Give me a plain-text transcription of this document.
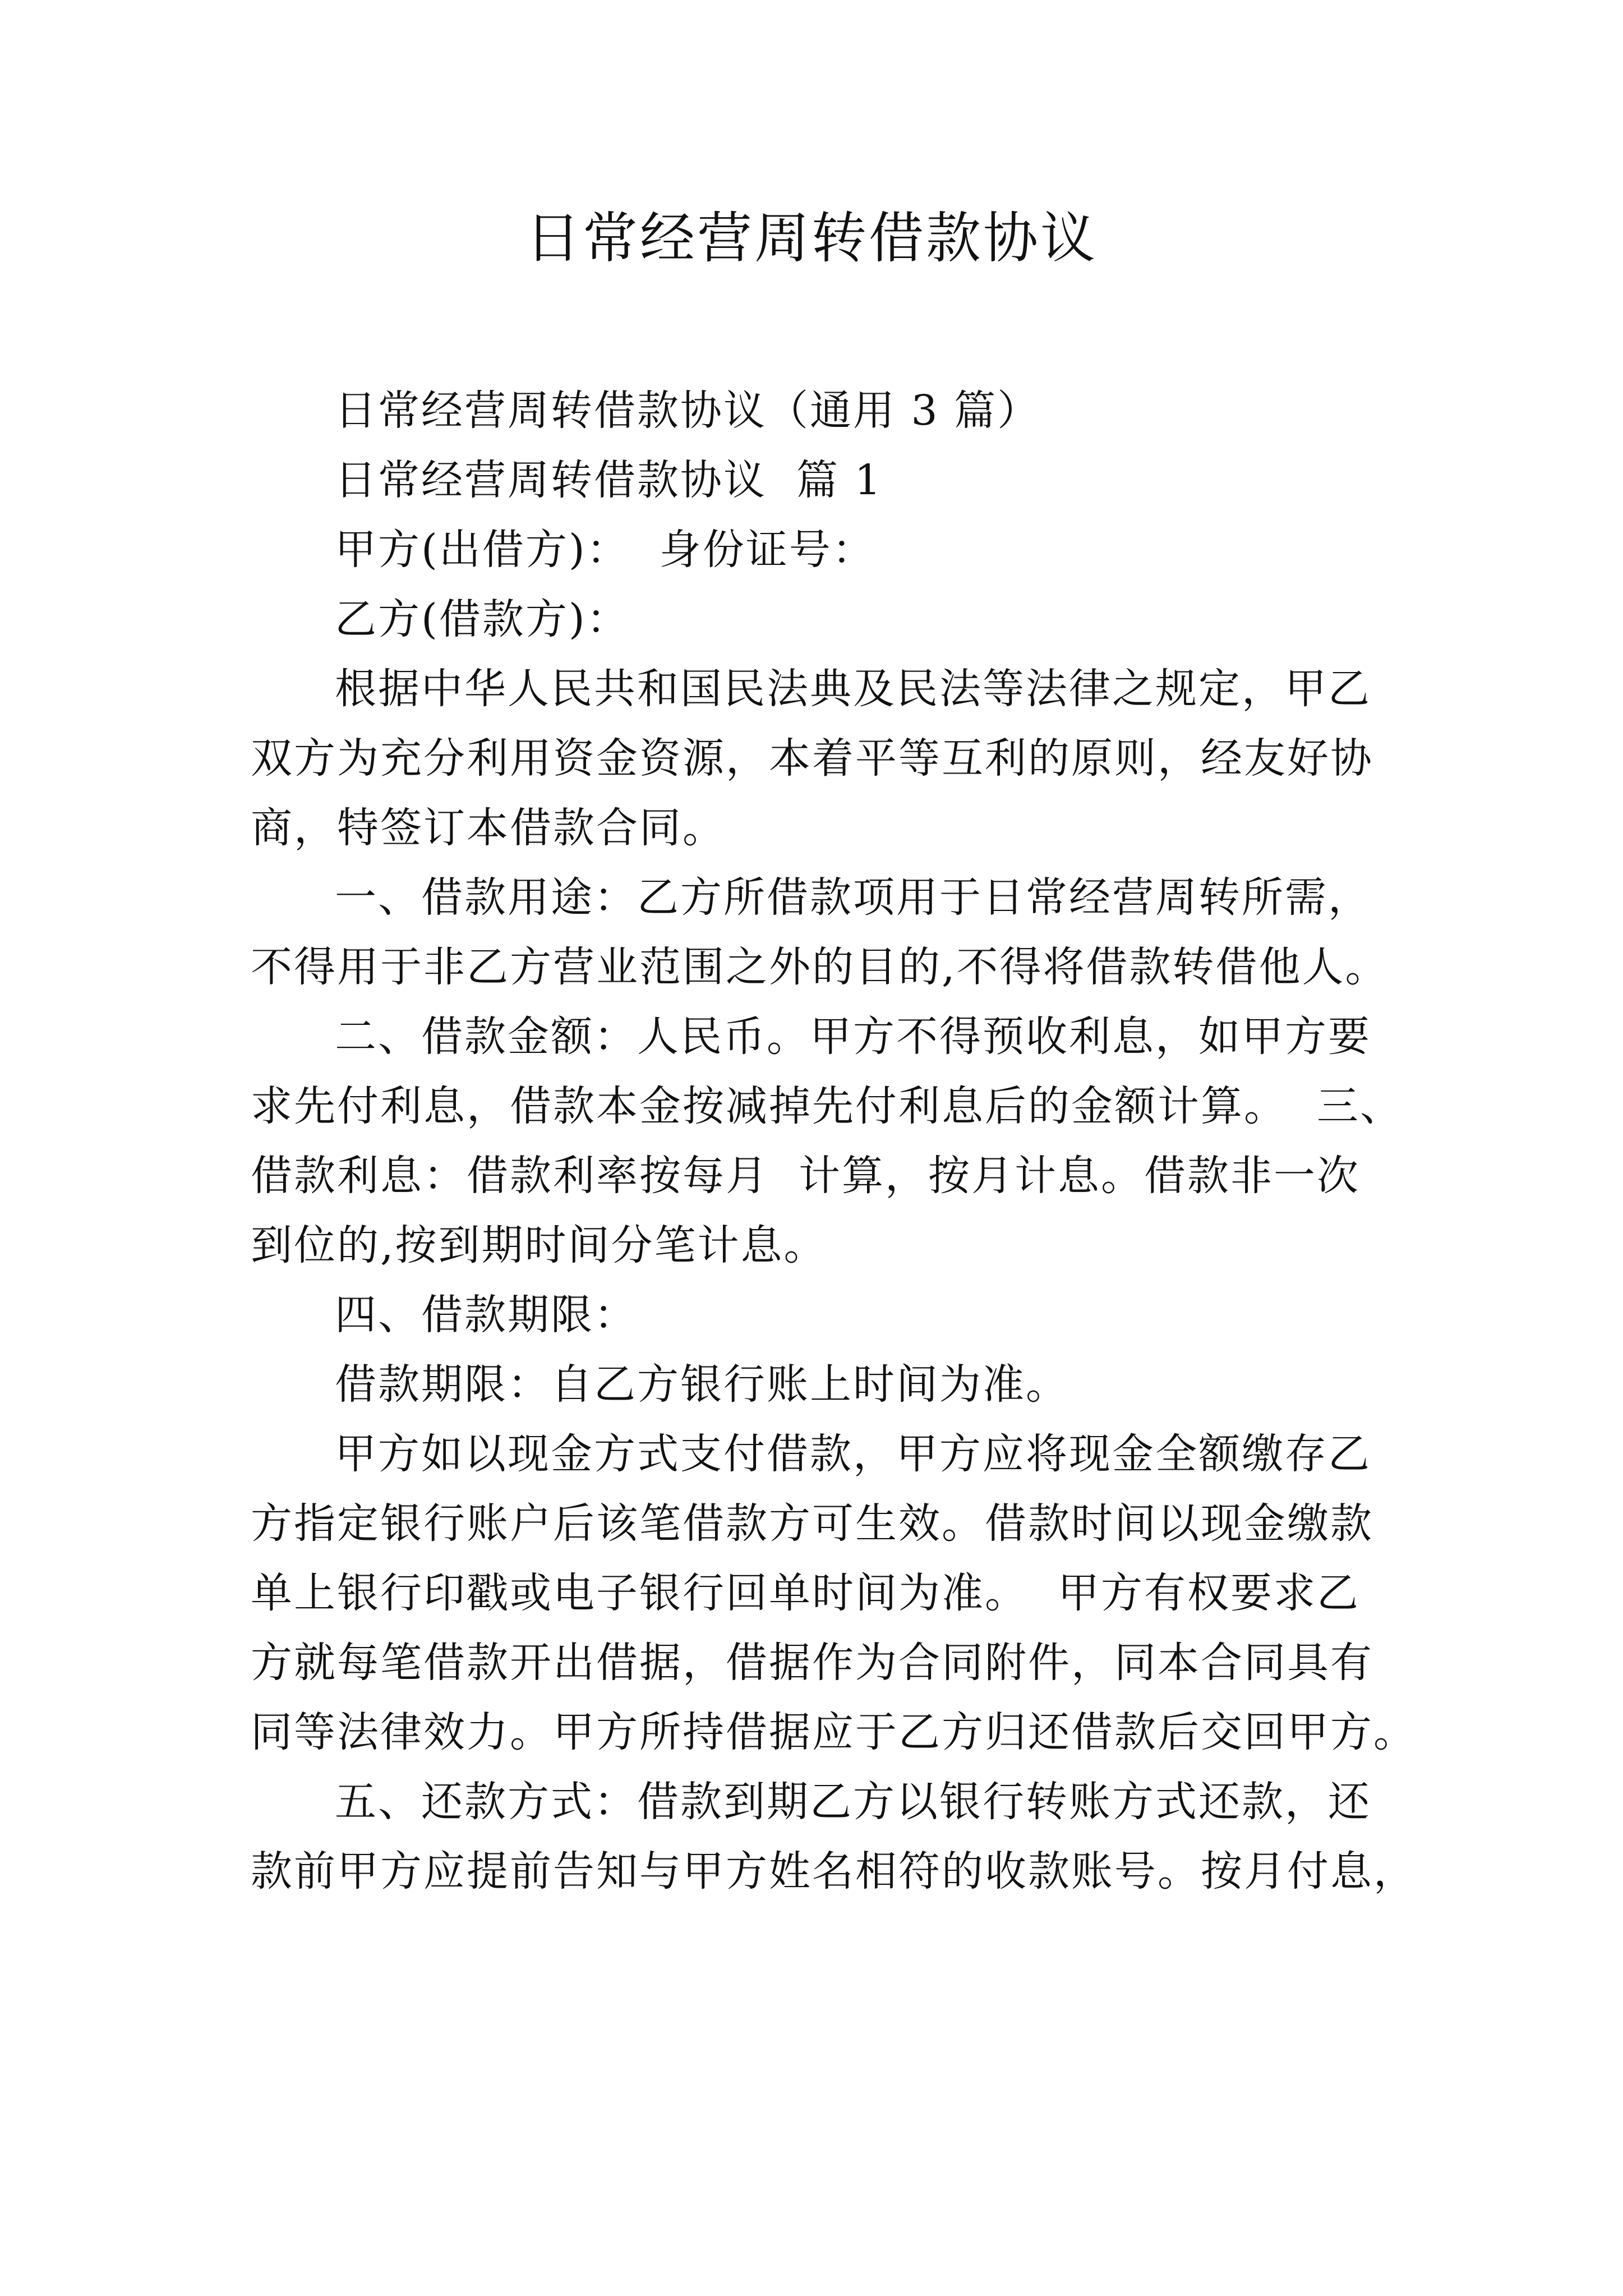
日常经营周转借款协议
日常经营周转借款协议（通用 3 篇）
日常经营周转借款协议  篇 1
甲方(出借方)：  身份证号：
乙方(借款方)：
根据中华人民共和国民法典及民法等法律之规定，甲乙
双方为充分利用资金资源，本着平等互利的原则，经友好协
商，特签订本借款合同。
一、借款用途：乙方所借款项用于日常经营周转所需，
不得用于非乙方营业范围之外的目的,不得将借款转借他人。
二、借款金额：人民币。甲方不得预收利息，如甲方要
求先付利息，借款本金按减掉先付利息后的金额计算。  三、
借款利息：借款利率按每月  计算，按月计息。借款非一次
到位的,按到期时间分笔计息。
四、借款期限：
借款期限：自乙方银行账上时间为准。
甲方如以现金方式支付借款，甲方应将现金全额缴存乙
方指定银行账户后该笔借款方可生效。借款时间以现金缴款
单上银行印戳或电子银行回单时间为准。  甲方有权要求乙
方就每笔借款开出借据，借据作为合同附件，同本合同具有
同等法律效力。甲方所持借据应于乙方归还借款后交回甲方。
五、还款方式：借款到期乙方以银行转账方式还款，还
款前甲方应提前告知与甲方姓名相符的收款账号。按月付息，
